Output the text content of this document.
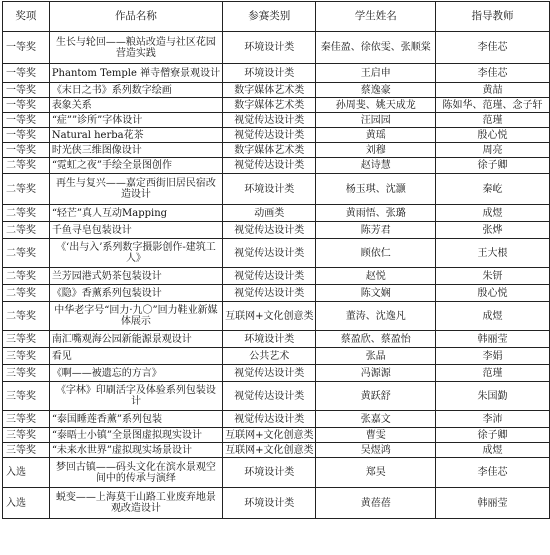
奖项	作品名称	参赛类别	学生姓名	指导教师
一等奖	生长与轮回——粮站改造与社区花园营造实践	环境设计类	秦佳盈、徐依雯、张顺棠	李佳芯
一等奖	Phantom Temple 禅寺僧寮景观设计	环境设计类	王启申	李佳芯
一等奖	《末日之书》系列数字绘画	数字媒体艺术类	蔡逸豪	黄喆
一等奖	表象关系	数字媒体艺术类	孙周斐、姚天成龙	陈如华、范瑾、念子轩
一等奖	“症””诊所”字体设计	视觉传达设计类	汪园园	范瑾
一等奖	Natural herba花茶	视觉传达设计类	黄瑶	殷心悦
一等奖	时光侠三维图像设计	数字媒体艺术类	刘穆	周亮
二等奖	“霓虹之夜”手绘全景图创作	视觉传达设计类	赵诗慧	徐子卿
二等奖	再生与复兴——嘉定西街旧居民宿改造设计	环境设计类	杨玉琪、沈灏	秦屹
二等奖	“轻芒”真人互动Mapping	动画类	黄雨悟、张璐	成煜
二等奖	千鱼寻皂包装设计	视觉传达设计类	陈芳君	张烨
二等奖	《‘出与入’系列数字摄影创作-建筑工人》	视觉传达设计类	顾依仁	王大根
二等奖	兰芳园港式奶茶包装设计	视觉传达设计类	赵悦	朱钘
二等奖	《隐》香薰系列包装设计	视觉传达设计类	陈文娴	殷心悦
二等奖	中华老字号“回力·九〇”回力鞋业新媒体展示	互联网+文化创意类	董涛、沈逸凡	成煜
三等奖	南汇嘴观海公园新能源景观设计	环境设计类	蔡盈欣、蔡盈怡	韩丽莹
三等奖	看见	公共艺术	张晶	李娟
三等奖	《啊——被遗忘的方言》	视觉传达设计类	冯源源	范瑾
三等奖	《字林》印刷活字及体验系列包装设计	视觉传达设计类	黄跃舒	朱国勤
三等奖	“泰国睡莲香薰”系列包装	视觉传达设计类	张嘉文	李沛
三等奖	“泰晤士小镇”全景图虚拟现实设计	互联网+文化创意类	曹雯	徐子卿
三等奖	“未来水世界”虚拟现实场景设计	互联网+文化创意类	吴煜鸿	成煜
入选	梦回古镇——码头文化在滨水景观空间中的传承与演绎	环境设计类	郑昊	李佳芯
入选	蜕变——上海莫干山路工业废弃地景观改造设计	环境设计类	黄蓓蓓	韩丽莹
